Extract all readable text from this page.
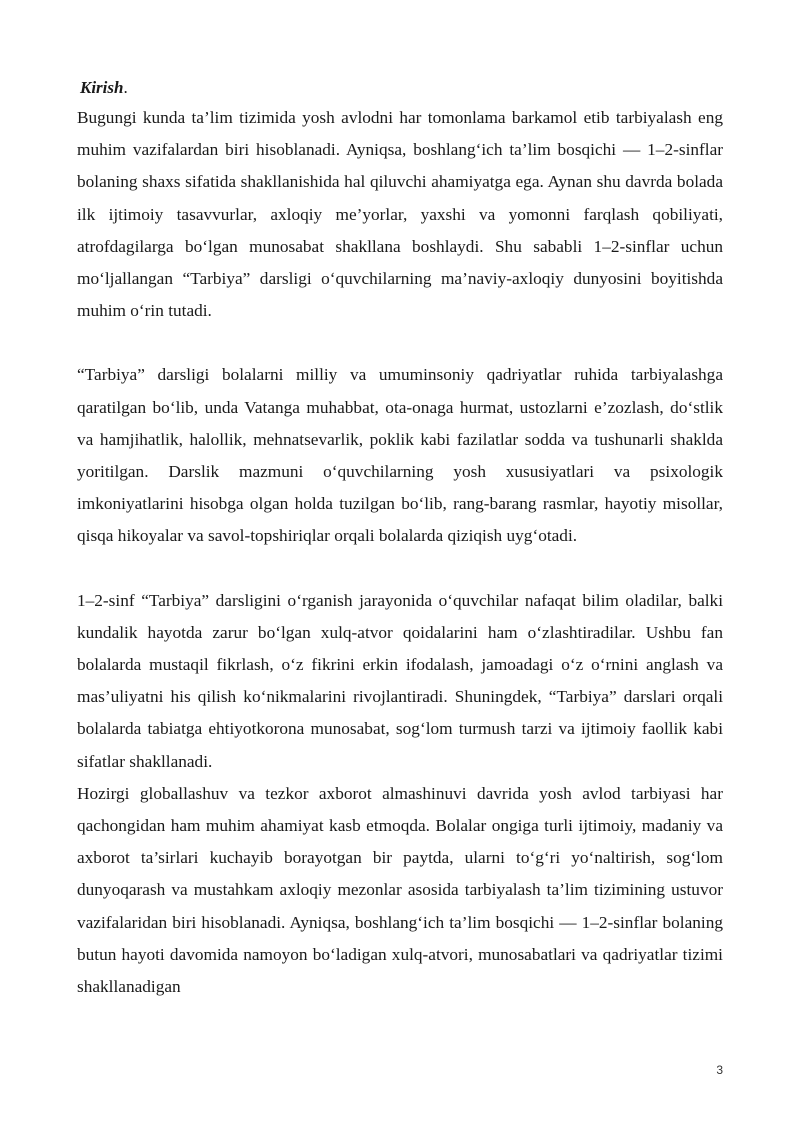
Kirish.

Bugungi kunda ta’lim tizimida yosh avlodni har tomonlama barkamol etib tarbiyalash eng muhim vazifalardan biri hisoblanadi. Ayniqsa, boshlang‘ich ta’lim bosqichi — 1–2-sinflar bolaning shaxs sifatida shakllanishida hal qiluvchi ahamiyatga ega. Aynan shu davrda bolada ilk ijtimoiy tasavvurlar, axloqiy me’yorlar, yaxshi va yomonni farqlash qobiliyati, atrofdagilarga bo‘lgan munosabat shakllana boshlaydi. Shu sababli 1–2-sinflar uchun mo‘ljallangan “Tarbiya” darsligi o‘quvchilarning ma’naviy-axloqiy dunyosini boyitishda muhim o‘rin tutadi.

“Tarbiya” darsligi bolalarni milliy va umuminsoniy qadriyatlar ruhida tarbiyalashga qaratilgan bo‘lib, unda Vatanga muhabbat, ota-onaga hurmat, ustozlarni e’zozlash, do‘stlik va hamjihatlik, halollik, mehnatsevarlik, poklik kabi fazilatlar sodda va tushunarli shaklda yoritilgan. Darslik mazmuni o‘quvchilarning yosh xususiyatlari va psixologik imkoniyatlarini hisobga olgan holda tuzilgan bo‘lib, rang-barang rasmlar, hayotiy misollar, qisqa hikoyalar va savol-topshiriqlar orqali bolalarda qiziqish uyg‘otadi.

1–2-sinf “Tarbiya” darsligini o‘rganish jarayonida o‘quvchilar nafaqat bilim oladilar, balki kundalik hayotda zarur bo‘lgan xulq-atvor qoidalarini ham o‘zlashtiradilar. Ushbu fan bolalarda mustaqil fikrlash, o‘z fikrini erkin ifodalash, jamoadagi o‘z o‘rnini anglash va mas’uliyatni his qilish ko‘nikmalarini rivojlantiradi. Shuningdek, “Tarbiya” darslari orqali bolalarda tabiatga ehtiyotkorona munosabat, sog‘lom turmush tarzi va ijtimoiy faollik kabi sifatlar shakllanadi.

Hozirgi globallashuv va tezkor axborot almashinuvi davrida yosh avlod tarbiyasi har qachongidan ham muhim ahamiyat kasb etmoqda. Bolalar ongiga turli ijtimoiy, madaniy va axborot ta’sirlari kuchayib borayotgan bir paytda, ularni to‘g‘ri yo‘naltirish, sog‘lom dunyoqarash va mustahkam axloqiy mezonlar asosida tarbiyalash ta’lim tizimining ustuvor vazifalaridan biri hisoblanadi. Ayniqsa, boshlang‘ich ta’lim bosqichi — 1–2-sinflar bolaning butun hayoti davomida namoyon bo‘ladigan xulq-atvori, munosabatlari va qadriyatlar tizimi shakllanadigan

3
